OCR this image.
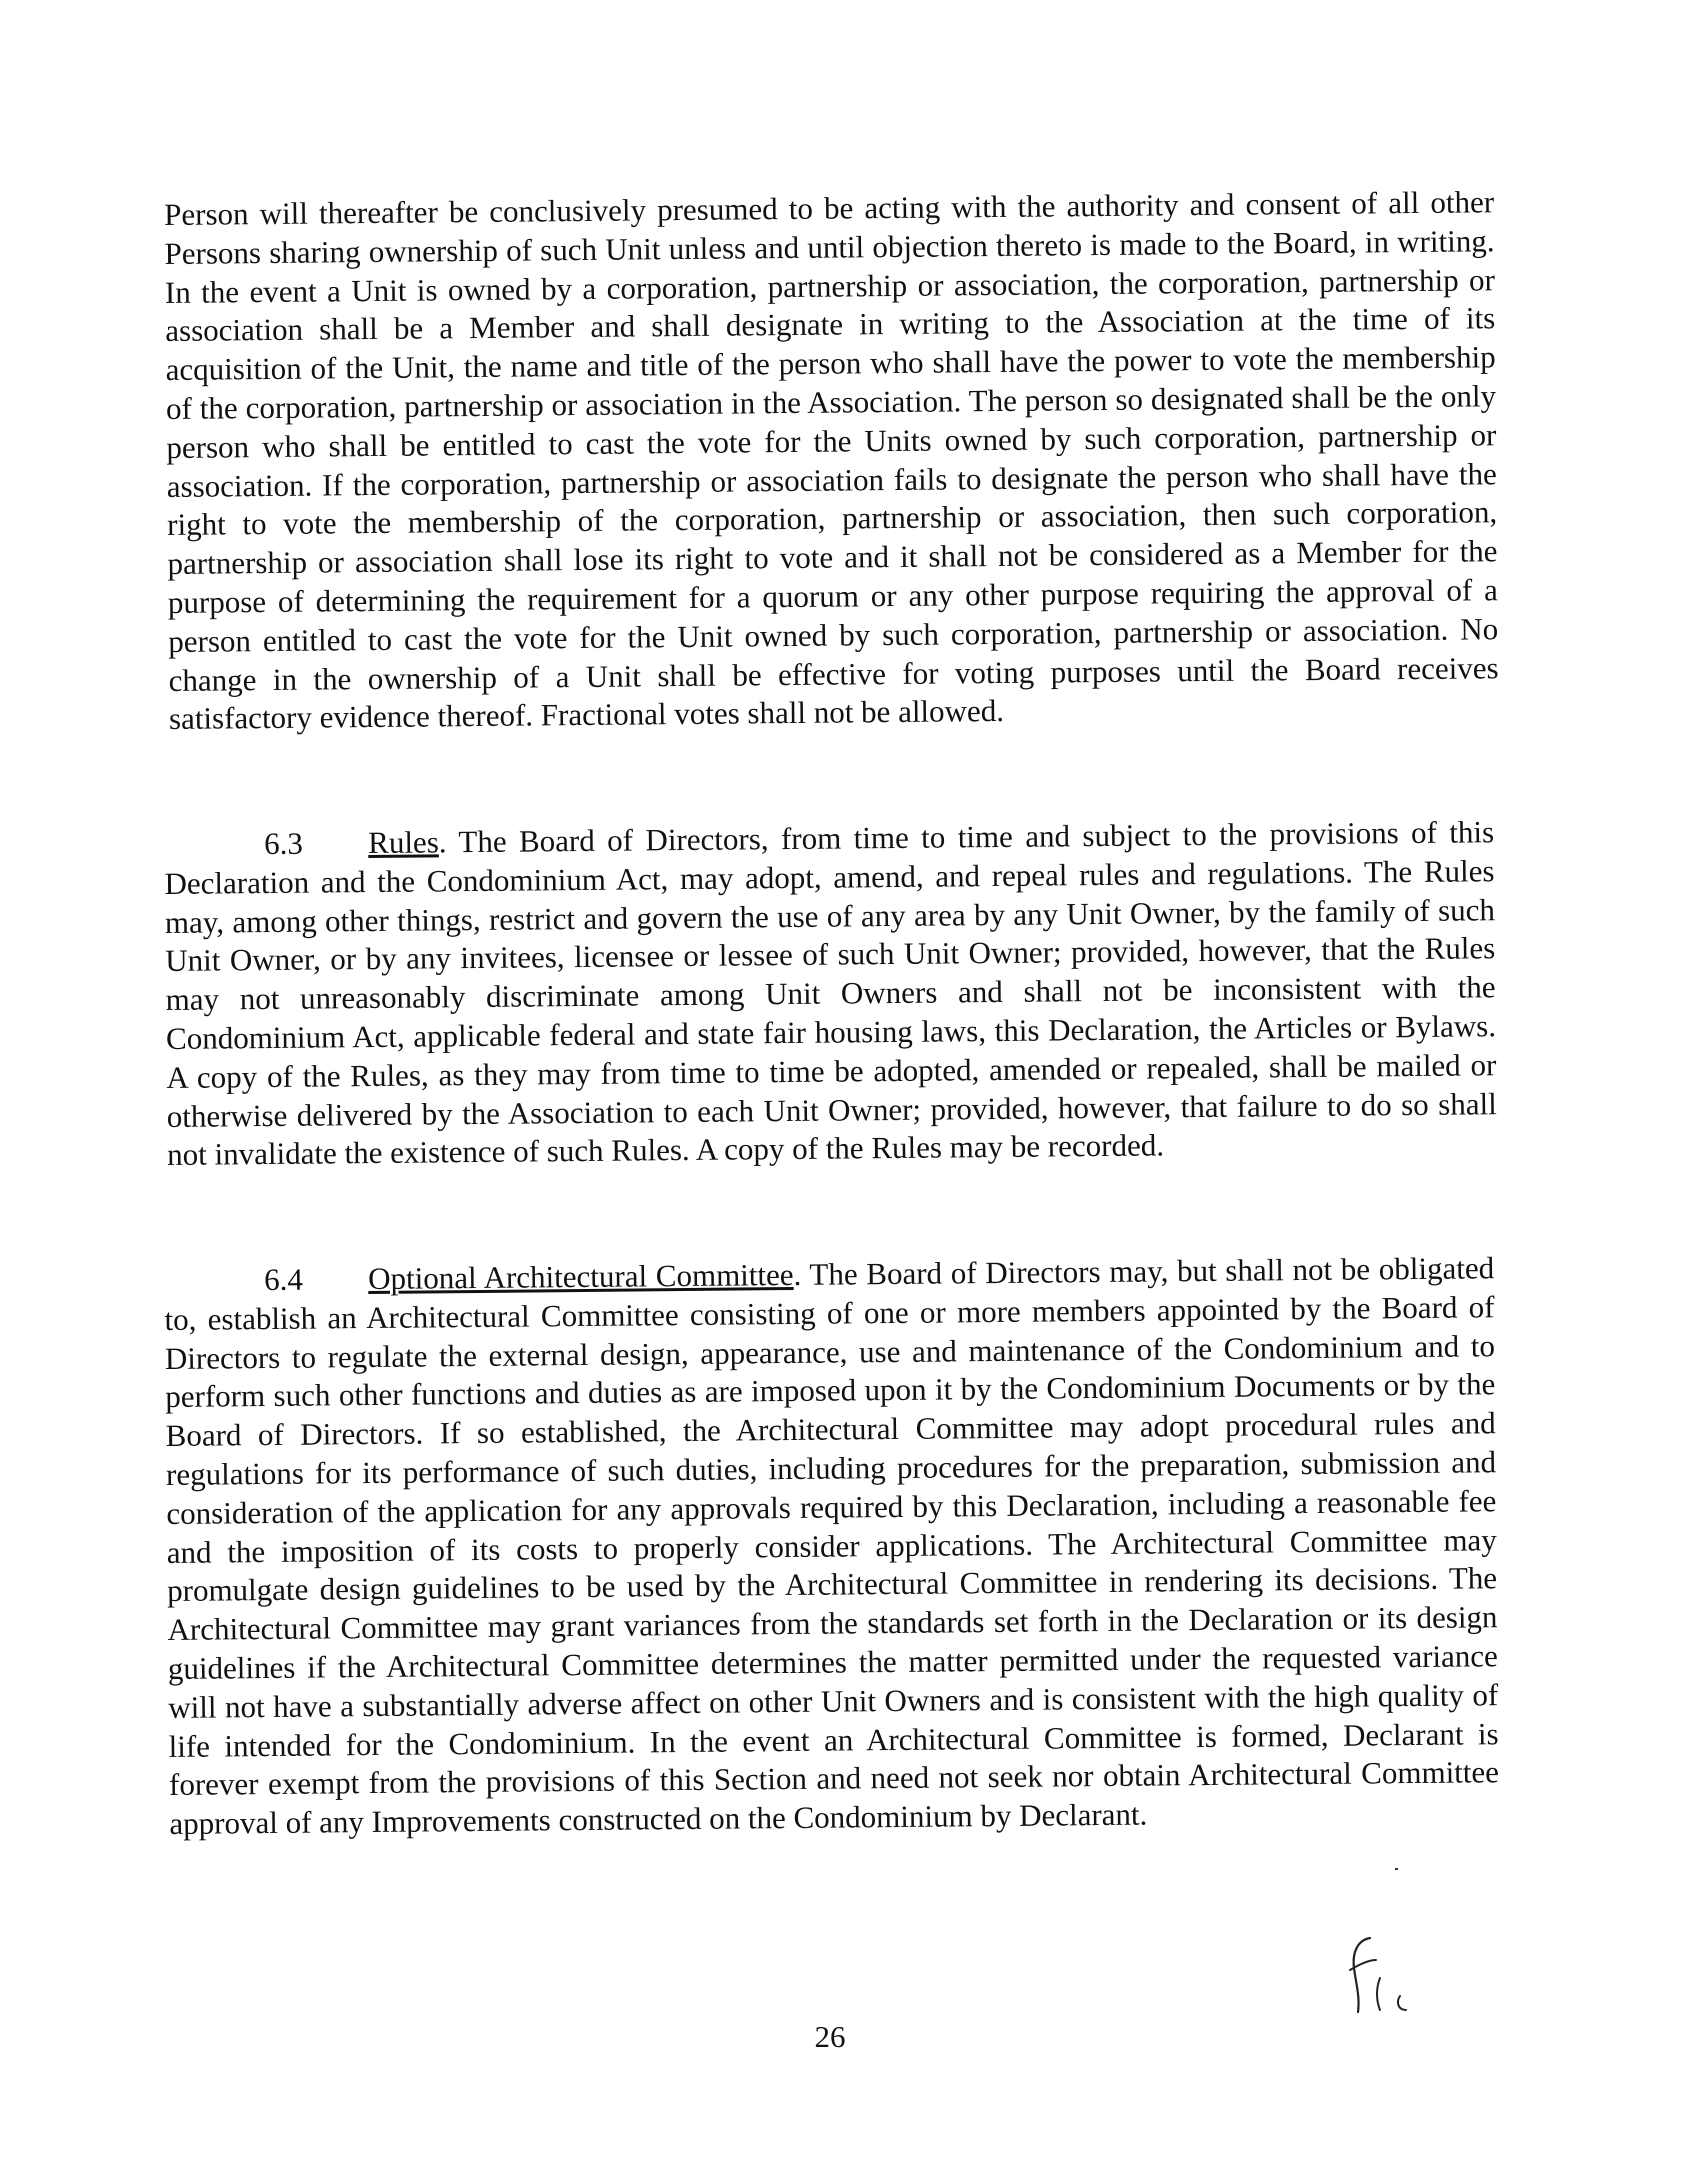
Person will thereafter be conclusively presumed to be acting with the authority and consent of all other Persons sharing ownership of such Unit unless and until objection thereto is made to the Board, in writing. In the event a Unit is owned by a corporation, partnership or association, the corporation, partnership or association shall be a Member and shall designate in writing to the Association at the time of its acquisition of the Unit, the name and title of the person who shall have the power to vote the membership of the corporation, partnership or association in the Association. The person so designated shall be the only person who shall be entitled to cast the vote for the Units owned by such corporation, partnership or association. If the corporation, partnership or association fails to designate the person who shall have the right to vote the membership of the corporation, partnership or association, then such corporation, partnership or association shall lose its right to vote and it shall not be considered as a Member for the purpose of determining the requirement for a quorum or any other purpose requiring the approval of a person entitled to cast the vote for the Unit owned by such corporation, partnership or association. No change in the ownership of a Unit shall be effective for voting purposes until the Board receives satisfactory evidence thereof. Fractional votes shall not be allowed.

6.3 Rules. The Board of Directors, from time to time and subject to the provisions of this Declaration and the Condominium Act, may adopt, amend, and repeal rules and regulations. The Rules may, among other things, restrict and govern the use of any area by any Unit Owner, by the family of such Unit Owner, or by any invitees, licensee or lessee of such Unit Owner; provided, however, that the Rules may not unreasonably discriminate among Unit Owners and shall not be inconsistent with the Condominium Act, applicable federal and state fair housing laws, this Declaration, the Articles or Bylaws. A copy of the Rules, as they may from time to time be adopted, amended or repealed, shall be mailed or otherwise delivered by the Association to each Unit Owner; provided, however, that failure to do so shall not invalidate the existence of such Rules. A copy of the Rules may be recorded.

6.4 Optional Architectural Committee. The Board of Directors may, but shall not be obligated to, establish an Architectural Committee consisting of one or more members appointed by the Board of Directors to regulate the external design, appearance, use and maintenance of the Condominium and to perform such other functions and duties as are imposed upon it by the Condominium Documents or by the Board of Directors. If so established, the Architectural Committee may adopt procedural rules and regulations for its performance of such duties, including procedures for the preparation, submission and consideration of the application for any approvals required by this Declaration, including a reasonable fee and the imposition of its costs to properly consider applications. The Architectural Committee may promulgate design guidelines to be used by the Architectural Committee in rendering its decisions. The Architectural Committee may grant variances from the standards set forth in the Declaration or its design guidelines if the Architectural Committee determines the matter permitted under the requested variance will not have a substantially adverse affect on other Unit Owners and is consistent with the high quality of life intended for the Condominium. In the event an Architectural Committee is formed, Declarant is forever exempt from the provisions of this Section and need not seek nor obtain Architectural Committee approval of any Improvements constructed on the Condominium by Declarant.

26
